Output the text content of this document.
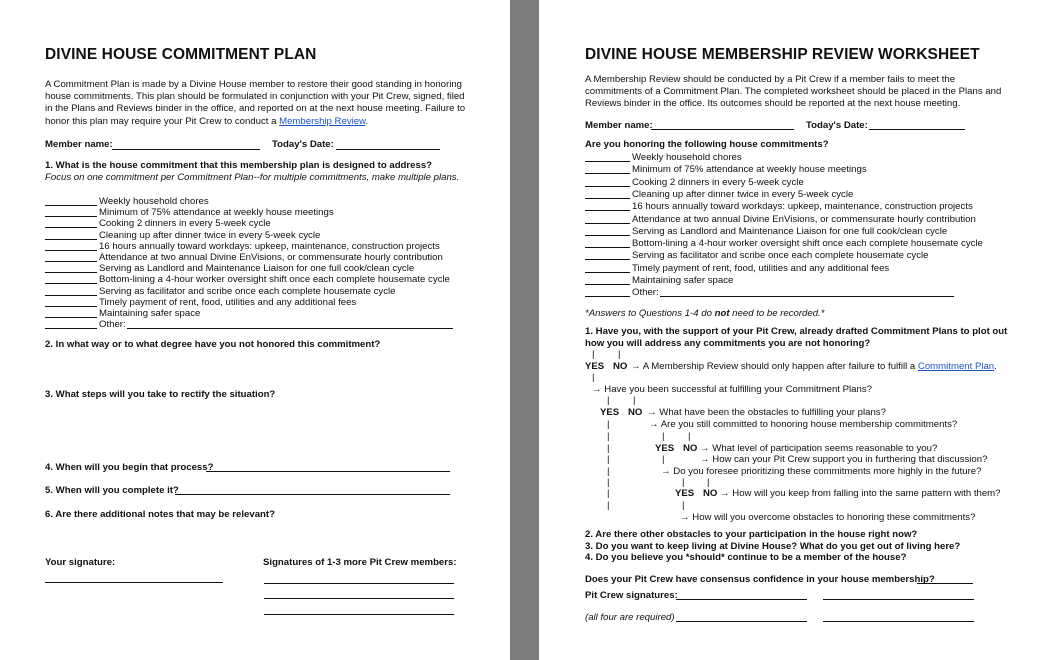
DIVINE HOUSE COMMITMENT PLAN
A Commitment Plan is made by a Divine House member to restore their good standing in honoring house commitments. This plan should be formulated in conjunction with your Pit Crew, signed, filed in the Plans and Reviews binder in the office, and reported on at the next house meeting. Failure to honor this plan may require your Pit Crew to conduct a Membership Review.
Member name:	Today's Date:
1. What is the house commitment that this membership plan is designed to address?
Focus on one commitment per Commitment Plan--for multiple commitments, make multiple plans.
Weekly household chores
Minimum of 75% attendance at weekly house meetings
Cooking 2 dinners in every 5-week cycle
Cleaning up after dinner twice in every 5-week cycle
16 hours annually toward workdays: upkeep, maintenance, construction projects
Attendance at two annual Divine EnVisions, or commensurate hourly contribution
Serving as Landlord and Maintenance Liaison for one full cook/clean cycle
Bottom-lining a 4-hour worker oversight shift once each complete housemate cycle
Serving as facilitator and scribe once each complete housemate cycle
Timely payment of rent, food, utilities and any additional fees
Maintaining safer space
Other:
2. In what way or to what degree have you not honored this commitment?
3. What steps will you take to rectify the situation?
4. When will you begin that process?
5. When will you complete it?
6. Are there additional notes that may be relevant?
Your signature:	Signatures of 1-3 more Pit Crew members:
DIVINE HOUSE MEMBERSHIP REVIEW WORKSHEET
A Membership Review should be conducted by a Pit Crew if a member fails to meet the commitments of a Commitment Plan. The completed worksheet should be placed in the Plans and Reviews binder in the office. Its outcomes should be reported at the next house meeting.
Member name:	Today's Date:
Are you honoring the following house commitments?
Weekly household chores
Minimum of 75% attendance at weekly house meetings
Cooking 2 dinners in every 5-week cycle
Cleaning up after dinner twice in every 5-week cycle
16 hours annually toward workdays: upkeep, maintenance, construction projects
Attendance at two annual Divine EnVisions, or commensurate hourly contribution
Serving as Landlord and Maintenance Liaison for one full cook/clean cycle
Bottom-lining a 4-hour worker oversight shift once each complete housemate cycle
Serving as facilitator and scribe once each complete housemate cycle
Timely payment of rent, food, utilities and any additional fees
Maintaining safer space
Other:
*Answers to Questions 1-4 do not need to be recorded.*
1. Have you, with the support of your Pit Crew, already drafted Commitment Plans to plot out
how you will address any commitments you are not honoring?
| |
YES NO → A Membership Review should only happen after failure to fulfill a Commitment Plan.
|
→ Have you been successful at fulfilling your Commitment Plans?
| |
YES NO → What have been the obstacles to fulfilling your plans?
|	→ Are you still committed to honoring house membership commitments?
|	| |
|	YES NO → What level of participation seems reasonable to you?
|	|	→ How can your Pit Crew support you in furthering that discussion?
|	→ Do you foresee prioritizing these commitments more highly in the future?
|	| |
|	YES NO → How will you keep from falling into the same pattern with them?
|	|
→ How will you overcome obstacles to honoring these commitments?
2. Are there other obstacles to your participation in the house right now?
3. Do you want to keep living at Divine House? What do you get out of living here?
4. Do you believe you *should* continue to be a member of the house?
Does your Pit Crew have consensus confidence in your house membership?
Pit Crew signatures:
(all four are required)
